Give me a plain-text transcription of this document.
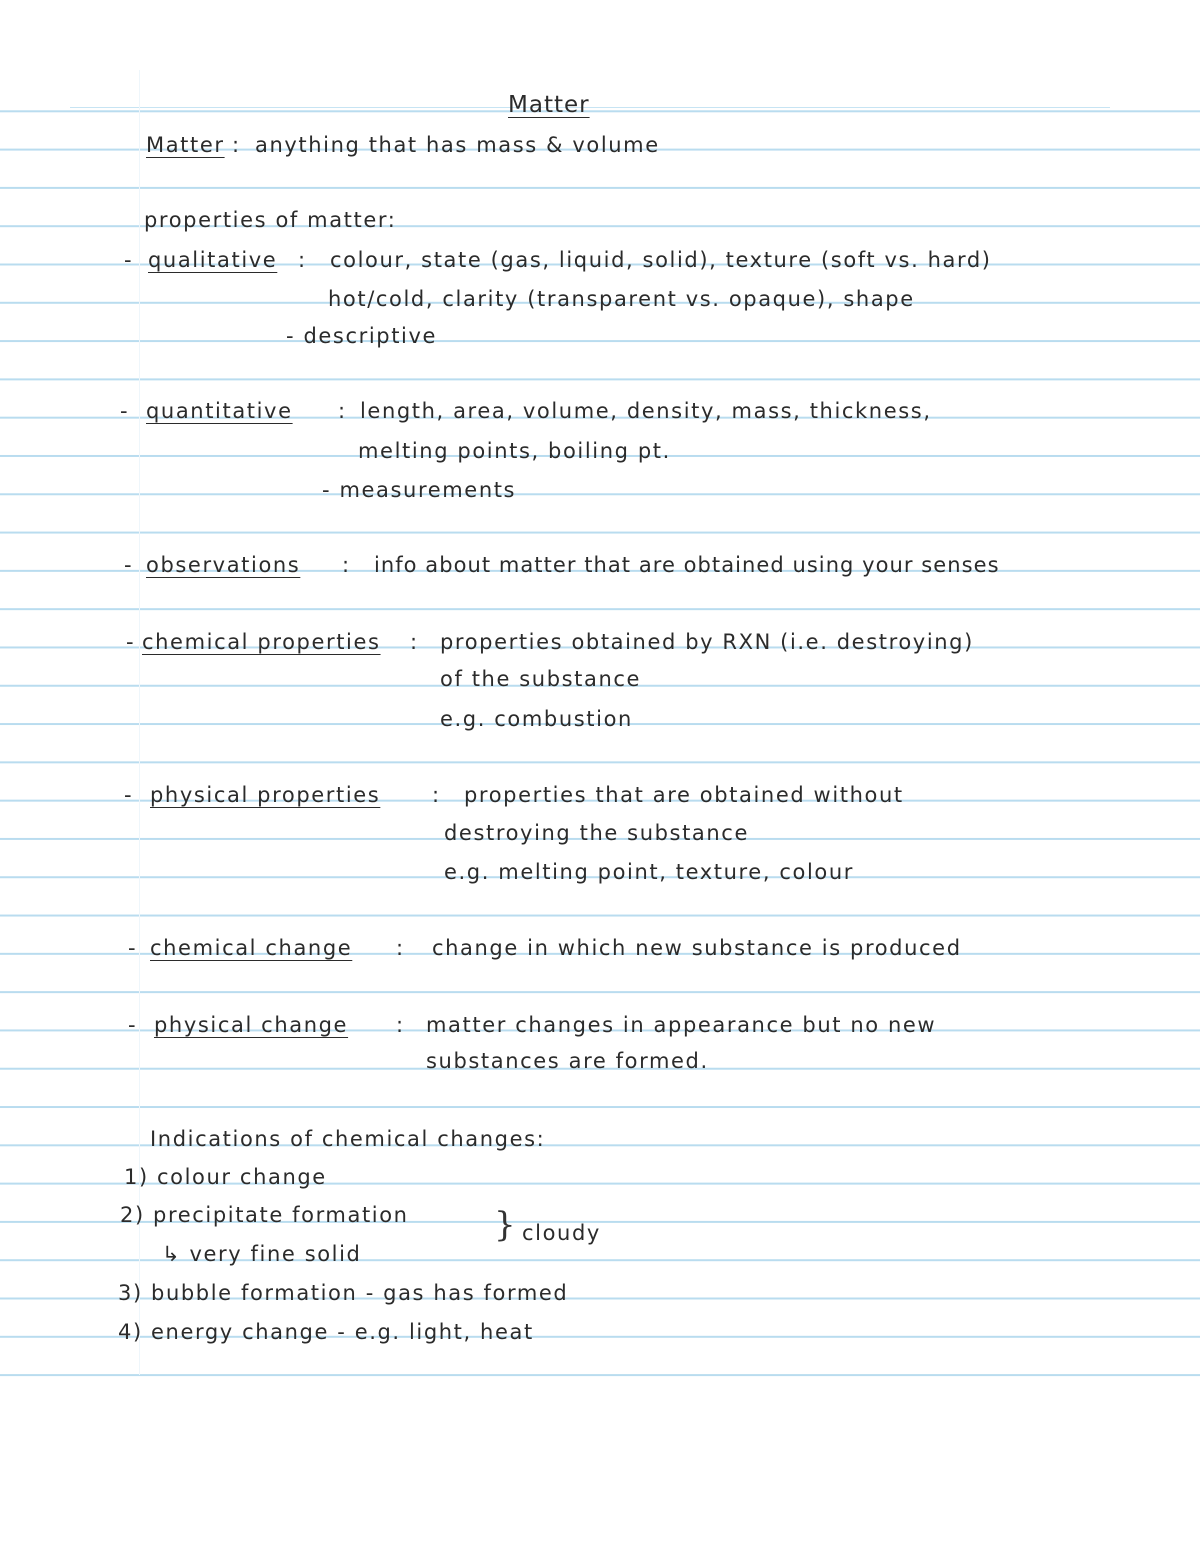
Matter
Matter : anything that has mass & volume
properties of matter:
- qualitative : colour, state (gas, liquid, solid), texture (soft vs. hard)
hot/cold, clarity (transparent vs. opaque), shape
- descriptive
- quantitative : length, area, volume, density, mass, thickness,
melting points, boiling pt.
- measurements
- observations : info about matter that are obtained using your senses
- chemical properties : properties obtained by RXN (i.e. destroying)
of the substance
e.g. combustion
- physical properties : properties that are obtained without
destroying the substance
e.g. melting point, texture, colour
- chemical change : change in which new substance is produced
- physical change : matter changes in appearance but no new
substances are formed.
Indications of chemical changes:
1) colour change
2) precipitate formation
↳ very fine solid
} cloudy
3) bubble formation - gas has formed
4) energy change - e.g. light, heat
